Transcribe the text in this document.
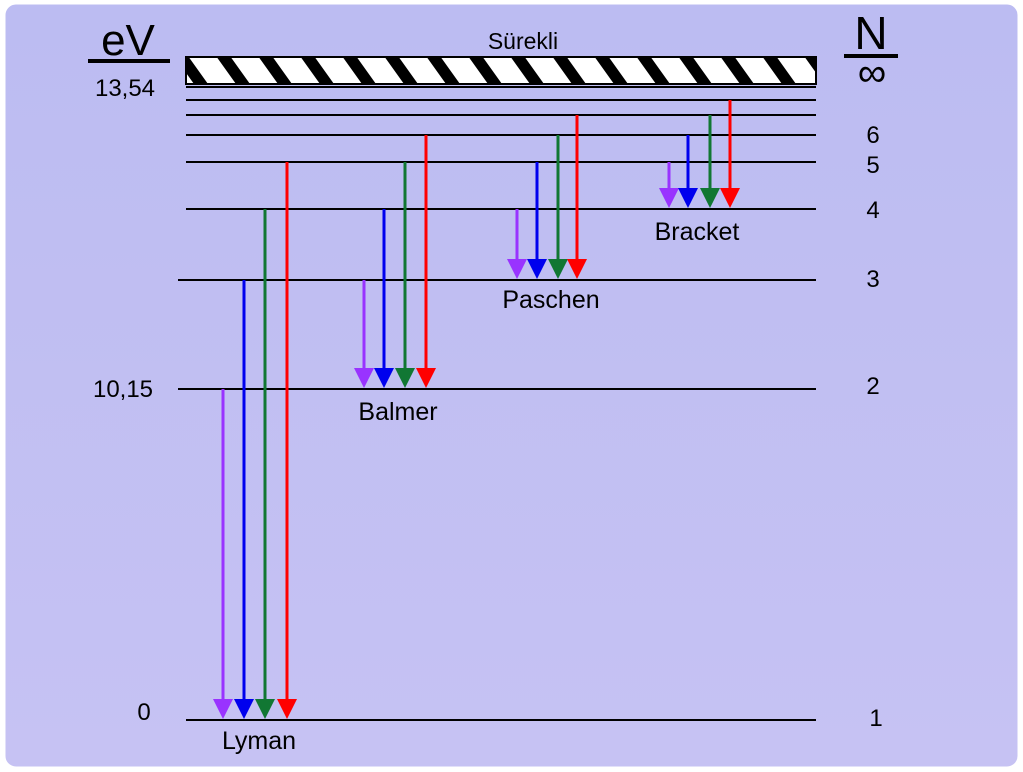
Sürekli
eV
13,54
N
∞
10,15
0
6
5
4
3
2
1
Lyman
Balmer
Paschen
Bracket
